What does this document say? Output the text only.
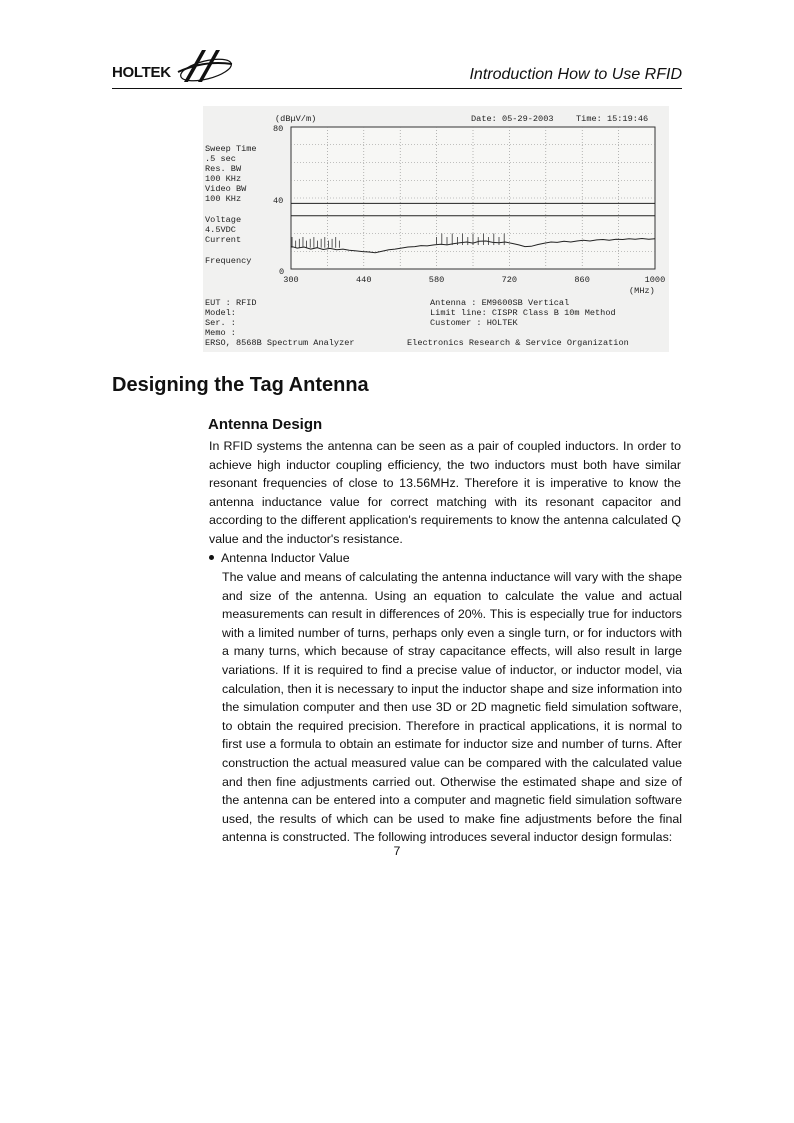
HOLTEK	Introduction How to Use RFID
(dBμV/m)	Date: 05-29-2003	Time: 15:19:46
80
40
0
Sweep Time
.5 sec
Res. BW
100 KHz
Video BW
100 KHz
Voltage
4.5VDC
Current
Frequency
(MHz)
EUT : RFID
Model:
Ser. :
Memo :
ERSO, 8568B Spectrum Analyzer
Antenna : EM9600SB Vertical
Limit line: CISPR Class B 10m Method
Customer : HOLTEK
Electronics Research & Service Organization
300	440	580	720	860	1000
Designing the Tag Antenna
Antenna Design
In RFID systems the antenna can be seen as a pair of coupled inductors. In order to achieve high inductor coupling efficiency, the two inductors must both have similar resonant frequencies of close to 13.56MHz. Therefore it is imperative to know the antenna inductance value for correct matching with its resonant capacitor and according to the different application's requirements to know the antenna calculated Q value and the inductor's resistance.
Antenna Inductor Value
The value and means of calculating the antenna inductance will vary with the shape and size of the antenna. Using an equation to calculate the value and actual measurements can result in differences of 20%. This is especially true for inductors with a limited number of turns, perhaps only even a single turn, or for inductors with a many turns, which because of stray capacitance effects, will also result in large variations. If it is required to find a precise value of inductor, or inductor model, via calculation, then it is necessary to input the inductor shape and size information into the simulation computer and then use 3D or 2D magnetic field simulation software, to obtain the required precision. Therefore in practical applications, it is normal to first use a formula to obtain an estimate for inductor size and number of turns. After construction the actual measured value can be compared with the calculated value and then fine adjustments carried out. Otherwise the estimated shape and size of the antenna can be entered into a computer and magnetic field simulation software used, the results of which can be used to make fine adjustments before the final antenna is constructed. The following introduces several inductor design formulas:
7
